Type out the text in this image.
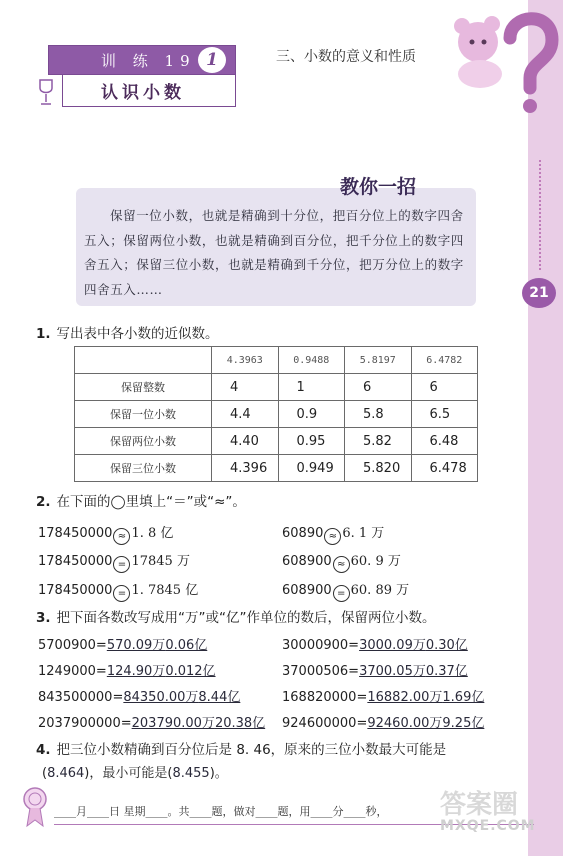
训 练 19 1
认识小数
三、小数的意义和性质
21
教你一招
保留一位小数，也就是精确到十分位，把百分位上的数字四舍五入；保留两位小数，也就是精确到百分位，把千分位上的数字四舍五入；保留三位小数，也就是精确到千分位，把万分位上的数字四舍五入……
1. 写出表中各小数的近似数。
	4.3963	0.9488	5.8197	6.4782
保留整数	4	1	6	6
保留一位小数	4.4	0.9	5.8	6.5
保留两位小数	4.40	0.95	5.82	6.48
保留三位小数	4.396	0.949	5.820	6.478
2. 在下面的◯里填上“＝”或“≈”。
178450000 ≈ 1. 8 亿	60890 ≈ 6. 1 万
178450000 = 17845 万	608900 ≈ 60. 9 万
178450000 = 1. 7845 亿	608900 = 60. 89 万
3. 把下面各数改写成用“万”或“亿”作单位的数后，保留两位小数。
5700900=570.09万0.06亿	30000900=3000.09万0.30亿
1249000=124.90万0.012亿	37000506=3700.05万0.37亿
843500000=84350.00万8.44亿	168820000=16882.00万1.69亿
2037900000=203790.00万20.38亿 924600000=92460.00万9.25亿
4. 把三位小数精确到百分位后是 8. 46，原来的三位小数最大可能是
(8.464)，最小可能是(8.455)。
____月____日 星期____。共____题，做对____题，用____分____秒， 答案圈
MXQE.COM
